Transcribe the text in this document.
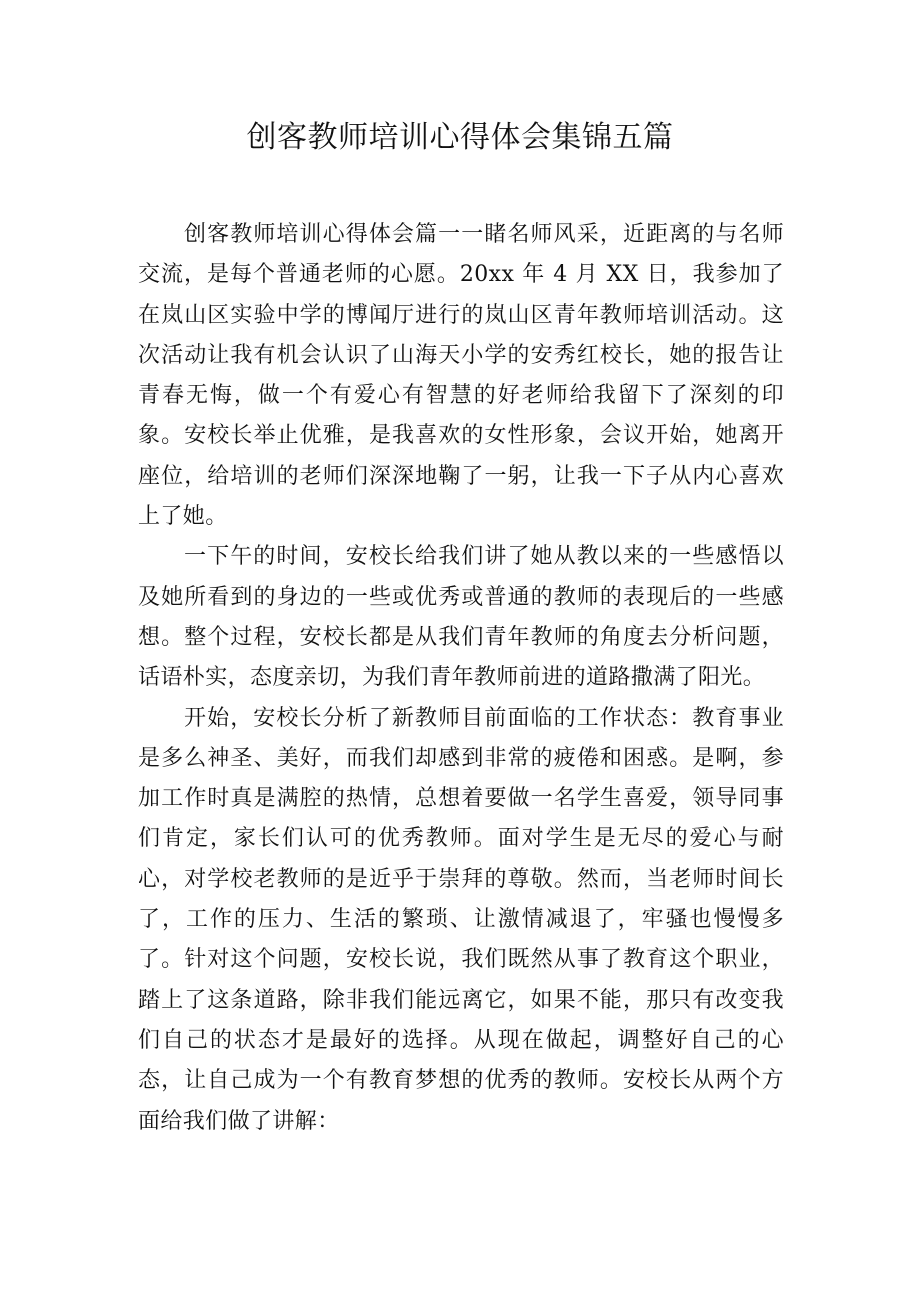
创客教师培训心得体会集锦五篇

创客教师培训心得体会篇一一睹名师风采，近距离的与名师交流，是每个普通老师的心愿。20xx 年 4 月 XX 日，我参加了在岚山区实验中学的博闻厅进行的岚山区青年教师培训活动。这次活动让我有机会认识了山海天小学的安秀红校长，她的报告让青春无悔，做一个有爱心有智慧的好老师给我留下了深刻的印象。安校长举止优雅，是我喜欢的女性形象，会议开始，她离开座位，给培训的老师们深深地鞠了一躬，让我一下子从内心喜欢上了她。

一下午的时间，安校长给我们讲了她从教以来的一些感悟以及她所看到的身边的一些或优秀或普通的教师的表现后的一些感想。整个过程，安校长都是从我们青年教师的角度去分析问题，话语朴实，态度亲切，为我们青年教师前进的道路撒满了阳光。

开始，安校长分析了新教师目前面临的工作状态：教育事业是多么神圣、美好，而我们却感到非常的疲倦和困惑。是啊，参加工作时真是满腔的热情，总想着要做一名学生喜爱，领导同事们肯定，家长们认可的优秀教师。面对学生是无尽的爱心与耐心，对学校老教师的是近乎于崇拜的尊敬。然而，当老师时间长了，工作的压力、生活的繁琐、让激情减退了，牢骚也慢慢多了。针对这个问题，安校长说，我们既然从事了教育这个职业，踏上了这条道路，除非我们能远离它，如果不能，那只有改变我们自己的状态才是最好的选择。从现在做起，调整好自己的心态，让自己成为一个有教育梦想的优秀的教师。安校长从两个方面给我们做了讲解：
